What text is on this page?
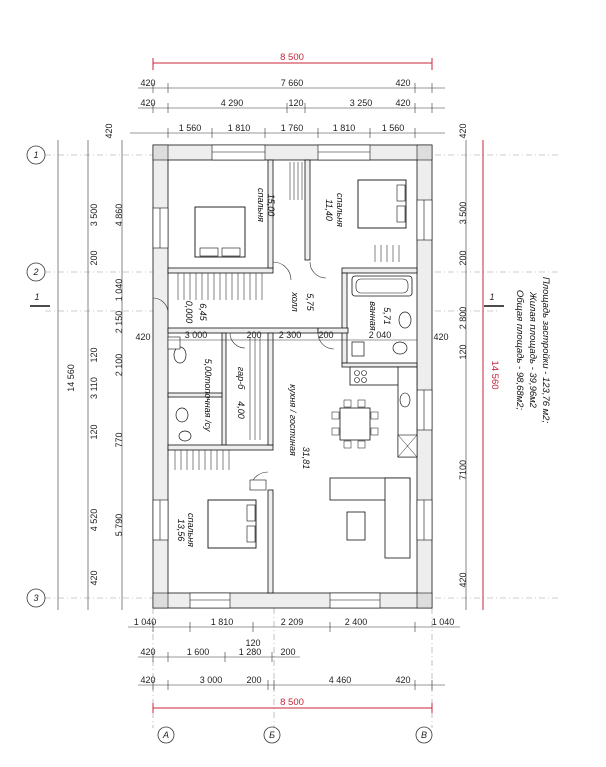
8 500
420	7 660	420
420	4 290	120	3 250	420
420	1 560	1 810	1 760	1 810	1 560	420
1
2
3
А	Б	В
1	1
14 560
4 860
1 040
2 150
420
2 100
3 110
770
4 520 5 790
420
3 500
200
120
120
14 560
3 500
200
2 800
120
7100
420
Общая площадь - 98,68м2; Жилая площадь - 39,96м2 Площадь застройки - 123,76 м2;
спальня 15,00	спальня
11,40
холл 5,75
6,45
0,000	ванная 5,71
гар-б
4,00
5,00топочная /су	кухня / гостиная
31,81
спальня
13,56
3 000	200 2 300 200	2 040	420
1 040	1 810	2 209	2 400	1 040
120
420	1 600	1 280 200
420	3 000	200	4 460	420
8 500
